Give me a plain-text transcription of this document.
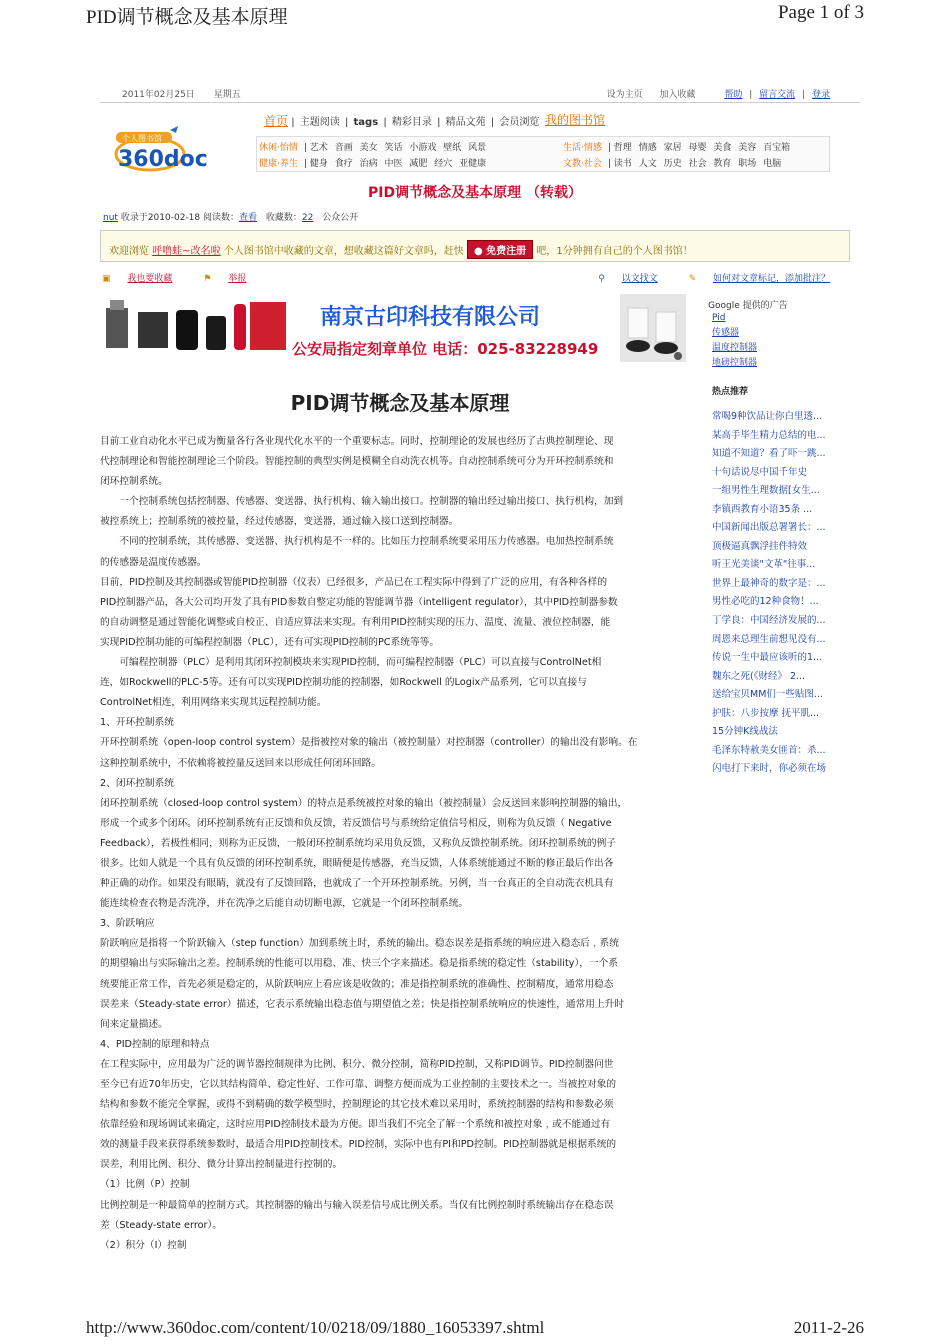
PID调节概念及基本原理	Page 1 of 3
http://www.360doc.com/content/10/0218/09/1880_16053397.shtml	2011-2-26
2011年02月25日 星期五	设为主页 加入收藏	帮助 | 留言交流 | 登录
个人图书馆
360doc
首页 | 主题阅读 | tags | 精彩目录 | 精品文苑 | 会员浏览 我的图书馆
休闲·怡情 | 艺术 音画 美女 笑话 小游戏 壁纸 风景	生活·情感 | 哲理 情感 家居 母婴 美食 美容 百宝箱
健康·养生 | 健身 食疗 治病 中医 减肥 经穴 亚健康	文教·社会 | 读书 人文 历史 社会 教育 职场 电脑
PID调节概念及基本原理 （转载）
nut 收录于2010-02-18 阅读数：查看 收藏数：22 公众公开
欢迎浏览 呼噜蛙~改名啦 个人图书馆中收藏的文章，想收藏这篇好文章吗，赶快 ● 免费注册 吧，1分钟拥有自己的个人图书馆！
▣ 我也要收藏	⚑ 举报	⚲ 以文找文	✎ 如何对文章标记，添加批注？
南京古印科技有限公司
公安局指定刻章单位 电话：025-83228949
Google 提供的广告
Pid
传感器
温度控制器
地磅控制器
热点推荐
常喝9种饮品让你白里透...
某高手毕生精力总结的电...
知道不知道？看了吓一跳...
十句话说尽中国千年史
一组男性生理数据[女生...
李镇西教育小语35条 ...
中国新闻出版总署署长：...
顶极逼真飘浮挂件特效
听王光美谈"文革"往事...
世界上最神奇的数字是：...
男性必吃的12种食物！...
丁学良：中国经济发展的...
周恩来总理生前想见没有...
传说一生中最应该听的1...
魏东之死(《财经》 2...
送给宝贝MM们一些贴图...
护肤：八步按摩 抚平肌...
15分钟K线战法
毛泽东特赦美女匪首：杀...
闪电打下来时，你必须在场
PID调节概念及基本原理

目前工业自动化水平已成为衡量各行各业现代化水平的一个重要标志。同时，控制理论的发展也经历了古典控制理论、现

代控制理论和智能控制理论三个阶段。智能控制的典型实例是模糊全自动洗衣机等。自动控制系统可分为开环控制系统和

闭环控制系统。

　　一个控制系统包括控制器、传感器、变送器、执行机构、输入输出接口。控制器的输出经过输出接口、执行机构，加到

被控系统上；控制系统的被控量，经过传感器，变送器，通过输入接口送到控制器。

　　不同的控制系统，其传感器、变送器、执行机构是不一样的。比如压力控制系统要采用压力传感器。电加热控制系统

的传感器是温度传感器。

目前，PID控制及其控制器或智能PID控制器（仪表）已经很多，产品已在工程实际中得到了广泛的应用，有各种各样的

PID控制器产品，各大公司均开发了具有PID参数自整定功能的智能调节器（intelligent regulator），其中PID控制器参数

的自动调整是通过智能化调整或自校正、自适应算法来实现。有利用PID控制实现的压力、温度、流量、液位控制器，能

实现PID控制功能的可编程控制器（PLC），还有可实现PID控制的PC系统等等。

　　可编程控制器（PLC）是利用其闭环控制模块来实现PID控制，而可编程控制器（PLC）可以直接与ControlNet相

连，如Rockwell的PLC-5等。还有可以实现PID控制功能的控制器，如Rockwell 的Logix产品系列，它可以直接与

ControlNet相连，利用网络来实现其远程控制功能。

1、开环控制系统

开环控制系统（open-loop control system）是指被控对象的输出（被控制量）对控制器（controller）的输出没有影响。在

这种控制系统中，不依赖将被控量反送回来以形成任何闭环回路。

2、闭环控制系统

闭环控制系统（closed-loop control system）的特点是系统被控对象的输出（被控制量）会反送回来影响控制器的输出，

形成一个或多个闭环。闭环控制系统有正反馈和负反馈，若反馈信号与系统给定值信号相反，则称为负反馈（ Negative

Feedback），若极性相同，则称为正反馈，一般闭环控制系统均采用负反馈，又称负反馈控制系统。闭环控制系统的例子

很多。比如人就是一个具有负反馈的闭环控制系统，眼睛便是传感器，充当反馈，人体系统能通过不断的修正最后作出各

种正确的动作。如果没有眼睛，就没有了反馈回路，也就成了一个开环控制系统。另例，当一台真正的全自动洗衣机具有

能连续检查衣物是否洗净，并在洗净之后能自动切断电源，它就是一个闭环控制系统。

3、阶跃响应

阶跃响应是指将一个阶跃输入（step function）加到系统上时，系统的输出。稳态误差是指系统的响应进入稳态后﹐系统

的期望输出与实际输出之差。控制系统的性能可以用稳、准、快三个字来描述。稳是指系统的稳定性（stability），一个系

统要能正常工作，首先必须是稳定的，从阶跃响应上看应该是收敛的；准是指控制系统的准确性、控制精度，通常用稳态

误差来（Steady-state error）描述，它表示系统输出稳态值与期望值之差；快是指控制系统响应的快速性，通常用上升时

间来定量描述。

4、PID控制的原理和特点

在工程实际中，应用最为广泛的调节器控制规律为比例、积分、微分控制，简称PID控制，又称PID调节。PID控制器问世

至今已有近70年历史，它以其结构简单、稳定性好、工作可靠、调整方便而成为工业控制的主要技术之一。当被控对象的

结构和参数不能完全掌握，或得不到精确的数学模型时，控制理论的其它技术难以采用时，系统控制器的结构和参数必须

依靠经验和现场调试来确定，这时应用PID控制技术最为方便。即当我们不完全了解一个系统和被控对象﹐或不能通过有

效的测量手段来获得系统参数时，最适合用PID控制技术。PID控制，实际中也有PI和PD控制。PID控制器就是根据系统的

误差，利用比例、积分、微分计算出控制量进行控制的。

（1）比例（P）控制

比例控制是一种最简单的控制方式。其控制器的输出与输入误差信号成比例关系。当仅有比例控制时系统输出存在稳态误

差（Steady-state error）。

（2）积分（I）控制
